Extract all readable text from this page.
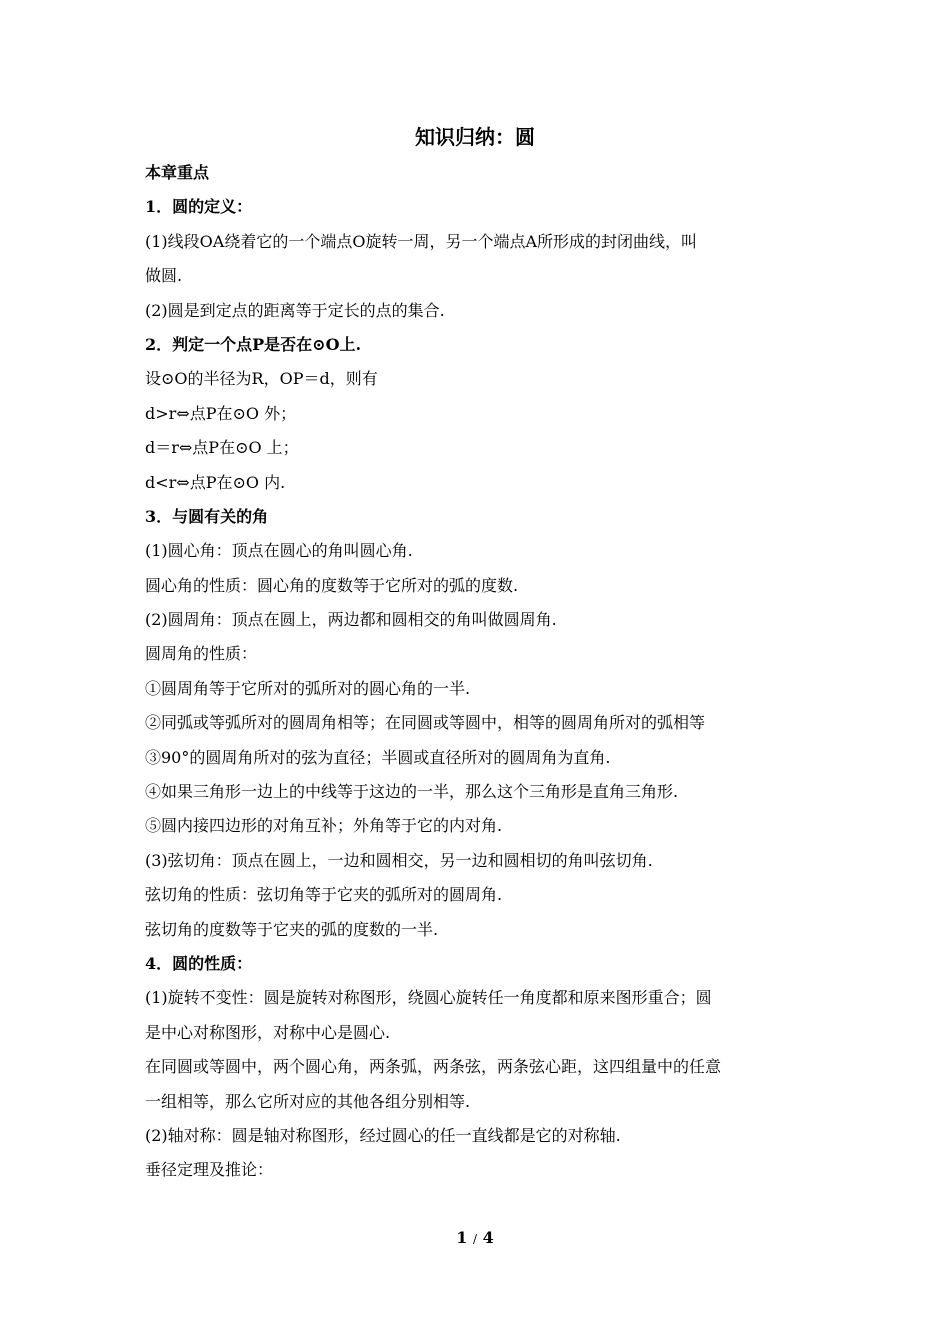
知识归纳：圆
本章重点
1．圆的定义：
(1)线段OA绕着它的一个端点O旋转一周，另一个端点A所形成的封闭曲线，叫
做圆.
(2)圆是到定点的距离等于定长的点的集合.
2．判定一个点P是否在⊙O上.
设⊙O的半径为R，OP＝d，则有
d>r⇔点P在⊙O 外；
d＝r⇔点P在⊙O 上；
d<r⇔点P在⊙O 内.
3．与圆有关的角
(1)圆心角：顶点在圆心的角叫圆心角.
圆心角的性质：圆心角的度数等于它所对的弧的度数.
(2)圆周角：顶点在圆上，两边都和圆相交的角叫做圆周角.
圆周角的性质：
①圆周角等于它所对的弧所对的圆心角的一半.
②同弧或等弧所对的圆周角相等；在同圆或等圆中，相等的圆周角所对的弧相等
③90°的圆周角所对的弦为直径；半圆或直径所对的圆周角为直角.
④如果三角形一边上的中线等于这边的一半，那么这个三角形是直角三角形.
⑤圆内接四边形的对角互补；外角等于它的内对角.
(3)弦切角：顶点在圆上，一边和圆相交，另一边和圆相切的角叫弦切角.
弦切角的性质：弦切角等于它夹的弧所对的圆周角.
弦切角的度数等于它夹的弧的度数的一半.
4．圆的性质：
(1)旋转不变性：圆是旋转对称图形，绕圆心旋转任一角度都和原来图形重合；圆
是中心对称图形，对称中心是圆心.
在同圆或等圆中，两个圆心角，两条弧，两条弦，两条弦心距，这四组量中的任意
一组相等，那么它所对应的其他各组分别相等.
(2)轴对称：圆是轴对称图形，经过圆心的任一直线都是它的对称轴.
垂径定理及推论：
1 / 4
